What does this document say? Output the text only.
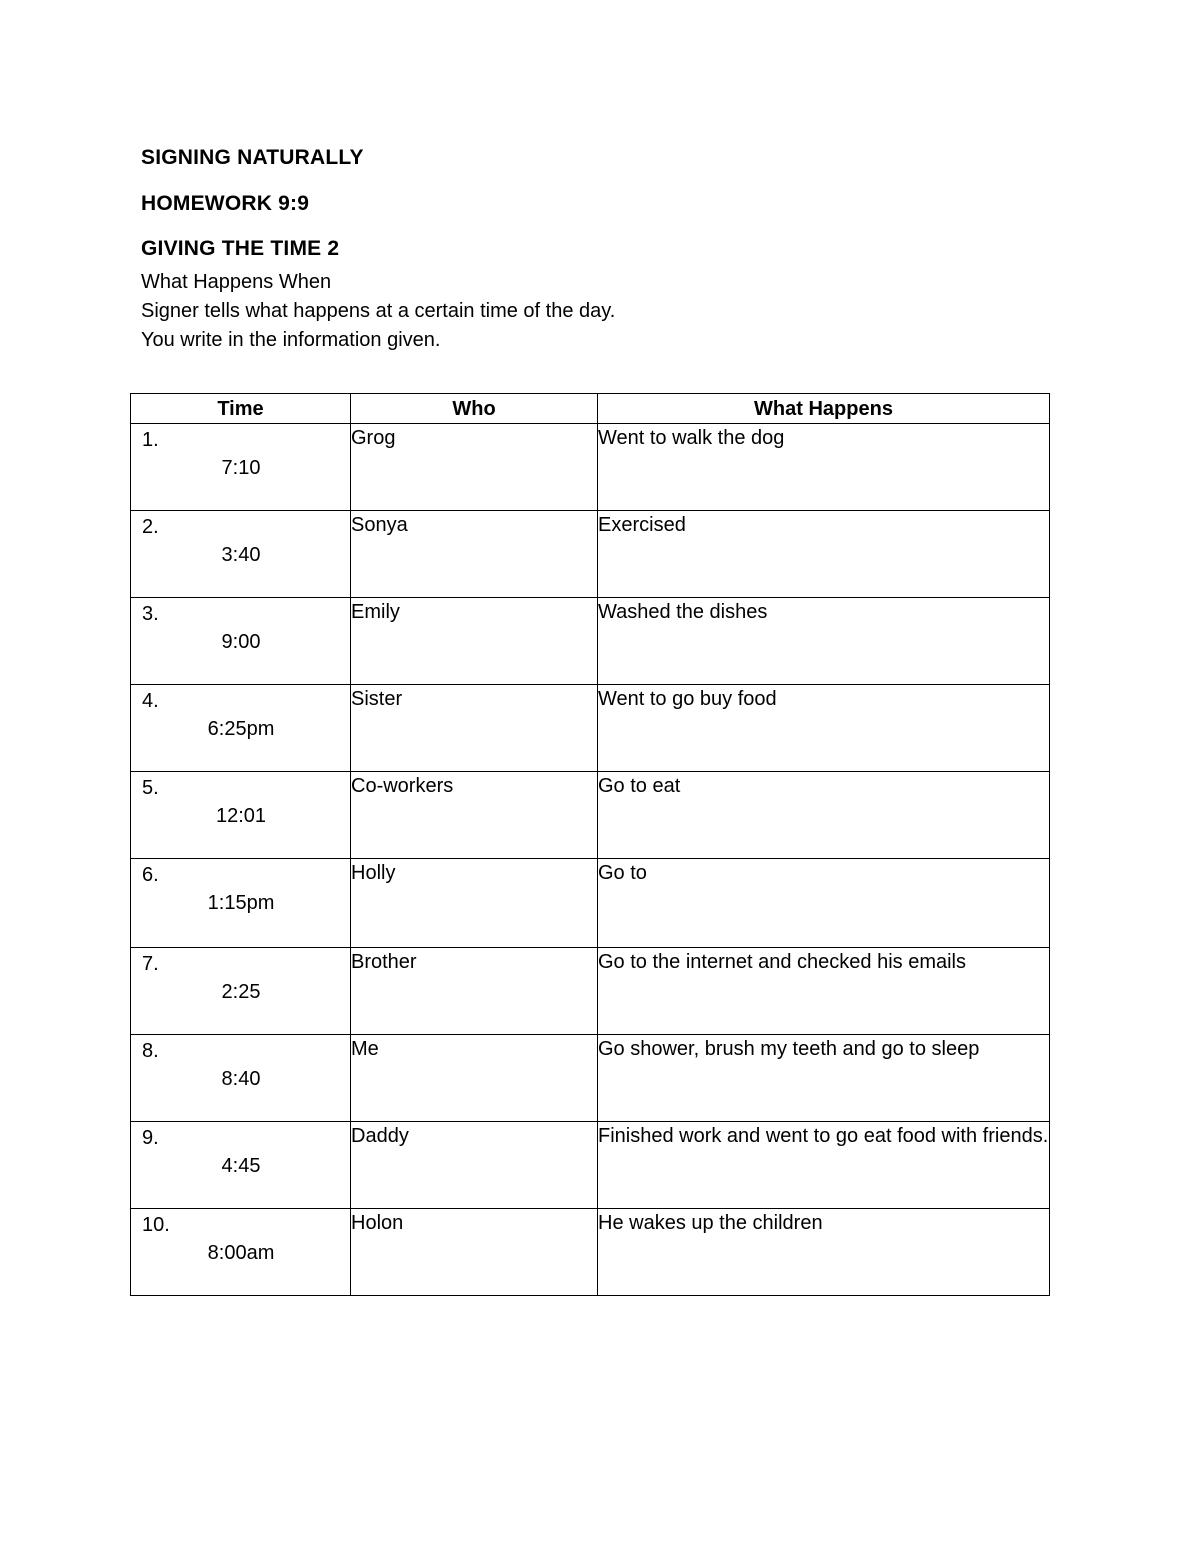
SIGNING NATURALLY
HOMEWORK 9:9
GIVING THE TIME 2
What Happens When
Signer tells what happens at a certain time of the day.
You write in the information given.
Time	Who	What Happens

1.
7:10	Grog	Went to walk the dog

2.
3:40	Sonya	Exercised

3.
9:00	Emily	Washed the dishes

4.
6:25pm	Sister	Went to go buy food

5.
12:01	Co-workers	Go to eat

6.
1:15pm	Holly	Go to

7.
2:25	Brother	Go to the internet and checked his emails

8.
8:40	Me	Go shower, brush my teeth and go to sleep

9.
4:45	Daddy	Finished work and went to go eat food with friends.

10.
8:00am	Holon	He wakes up the children
